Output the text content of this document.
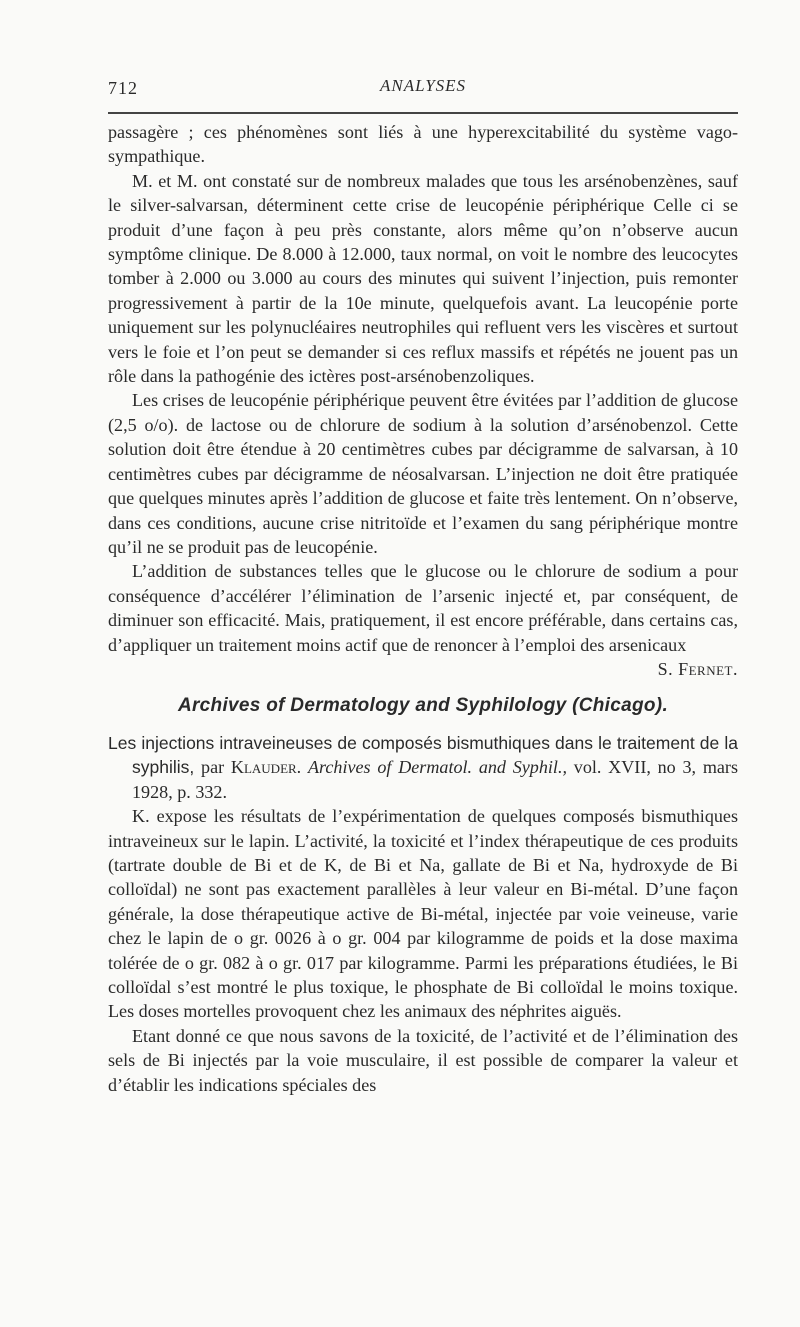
712	ANALYSES

passagère ; ces phénomènes sont liés à une hyperexcitabilité du système vago-sympathique.

M. et M. ont constaté sur de nombreux malades que tous les arsénobenzènes, sauf le silver-salvarsan, déterminent cette crise de leucopénie périphérique Celle ci se produit d’une façon à peu près constante, alors même qu’on n’observe aucun symptôme clinique. De 8.000 à 12.000, taux normal, on voit le nombre des leucocytes tomber à 2.000 ou 3.000 au cours des minutes qui suivent l’injection, puis remonter progressivement à partir de la 10e minute, quelquefois avant. La leucopénie porte uniquement sur les polynucléaires neutrophiles qui refluent vers les viscères et surtout vers le foie et l’on peut se demander si ces reflux massifs et répétés ne jouent pas un rôle dans la pathogénie des ictères post-arsénobenzoliques.

Les crises de leucopénie périphérique peuvent être évitées par l’addition de glucose (2,5 o/o). de lactose ou de chlorure de sodium à la solution d’arsénobenzol. Cette solution doit être étendue à 20 centimètres cubes par décigramme de salvarsan, à 10 centimètres cubes par décigramme de néosalvarsan. L’injection ne doit être pratiquée que quelques minutes après l’addition de glucose et faite très lentement. On n’observe, dans ces conditions, aucune crise nitritoïde et l’examen du sang périphérique montre qu’il ne se produit pas de leucopénie.

L’addition de substances telles que le glucose ou le chlorure de sodium a pour conséquence d’accélérer l’élimination de l’arsenic injecté et, par conséquent, de diminuer son efficacité. Mais, pratiquement, il est encore préférable, dans certains cas, d’appliquer un traitement moins actif que de renoncer à l’emploi des arsenicaux

S. Fernet.
Archives of Dermatology and Syphilology (Chicago).

Les injections intraveineuses de composés bismuthiques dans le traitement de la syphilis, par Klauder. Archives of Dermatol. and Syphil., vol. XVII, no 3, mars 1928, p. 332.

K. expose les résultats de l’expérimentation de quelques composés bismuthiques intraveineux sur le lapin. L’activité, la toxicité et l’index thérapeutique de ces produits (tartrate double de Bi et de K, de Bi et Na, gallate de Bi et Na, hydroxyde de Bi colloïdal) ne sont pas exactement parallèles à leur valeur en Bi-métal. D’une façon générale, la dose thérapeutique active de Bi-métal, injectée par voie veineuse, varie chez le lapin de o gr. 0026 à o gr. 004 par kilogramme de poids et la dose maxima tolérée de o gr. 082 à o gr. 017 par kilogramme. Parmi les préparations étudiées, le Bi colloïdal s’est montré le plus toxique, le phosphate de Bi colloïdal le moins toxique. Les doses mortelles provoquent chez les animaux des néphrites aiguës.

Etant donné ce que nous savons de la toxicité, de l’activité et de l’élimination des sels de Bi injectés par la voie musculaire, il est possible de comparer la valeur et d’établir les indications spéciales des
